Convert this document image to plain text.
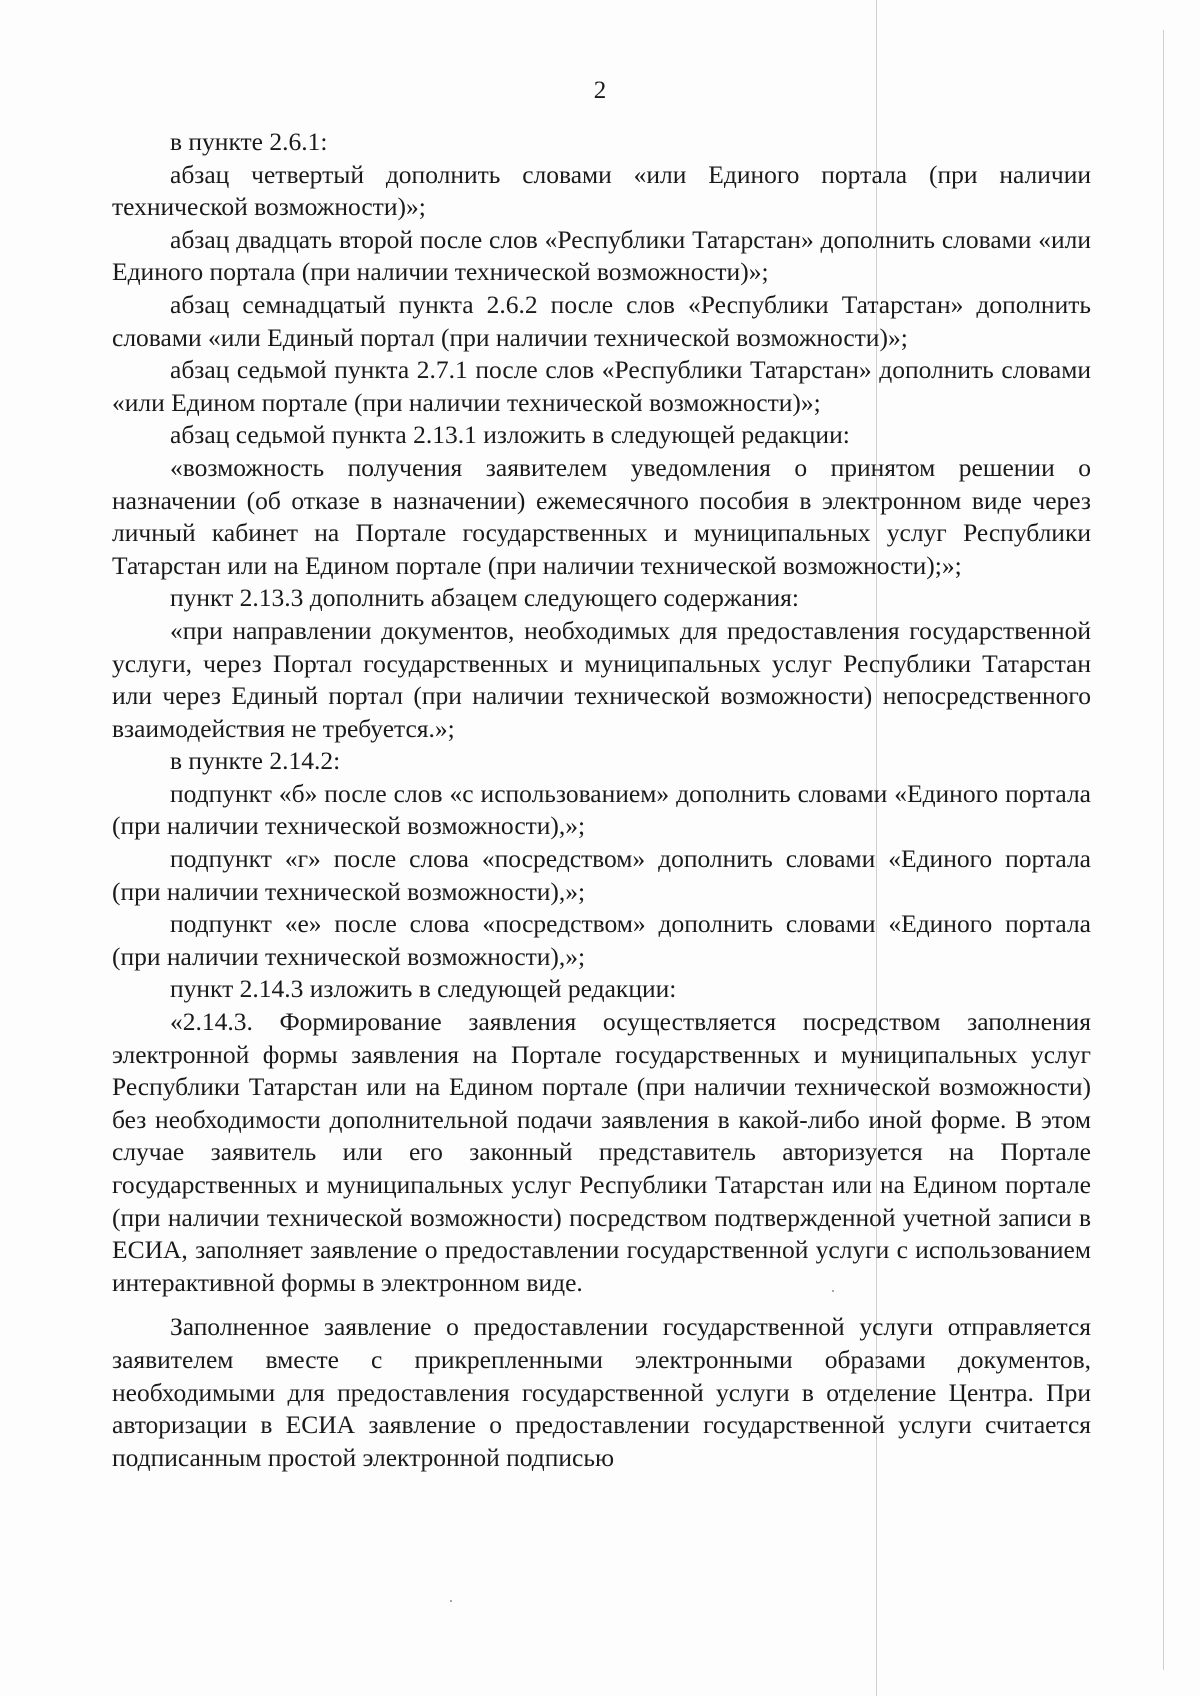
2

в пункте 2.6.1:

абзац четвертый дополнить словами «или Единого портала (при наличии технической возможности)»;

абзац двадцать второй после слов «Республики Татарстан» дополнить словами «или Единого портала (при наличии технической возможности)»;

абзац семнадцатый пункта 2.6.2 после слов «Республики Татарстан» дополнить словами «или Единый портал (при наличии технической возможности)»;

абзац седьмой пункта 2.7.1 после слов «Республики Татарстан» дополнить словами «или Едином портале (при наличии технической возможности)»;

абзац седьмой пункта 2.13.1 изложить в следующей редакции:

«возможность получения заявителем уведомления о принятом решении о назначении (об отказе в назначении) ежемесячного пособия в электронном виде через личный кабинет на Портале государственных и муниципальных услуг Республики Татарстан или на Едином портале (при наличии технической возможности);»;

пункт 2.13.3 дополнить абзацем следующего содержания:

«при направлении документов, необходимых для предоставления государственной услуги, через Портал государственных и муниципальных услуг Республики Татарстан или через Единый портал (при наличии технической возможности) непосредственного взаимодействия не требуется.»;

в пункте 2.14.2:

подпункт «б» после слов «с использованием» дополнить словами «Единого портала (при наличии технической возможности),»;

подпункт «г» после слова «посредством» дополнить словами «Единого портала (при наличии технической возможности),»;

подпункт «е» после слова «посредством» дополнить словами «Единого портала (при наличии технической возможности),»;

пункт 2.14.3 изложить в следующей редакции:

«2.14.3. Формирование заявления осуществляется посредством заполнения электронной формы заявления на Портале государственных и муниципальных услуг Республики Татарстан или на Едином портале (при наличии технической возможности) без необходимости дополнительной подачи заявления в какой-либо иной форме. В этом случае заявитель или его законный представитель авторизуется на Портале государственных и муниципальных услуг Республики Татарстан или на Едином портале (при наличии технической возможности) посредством подтвержденной учетной записи в ЕСИА, заполняет заявление о предоставлении государственной услуги с использованием интерактивной формы в электронном виде.

Заполненное заявление о предоставлении государственной услуги отправляется заявителем вместе с прикрепленными электронными образами документов, необходимыми для предоставления государственной услуги в отделение Центра. При авторизации в ЕСИА заявление о предоставлении государственной услуги считается подписанным простой электронной подписью
